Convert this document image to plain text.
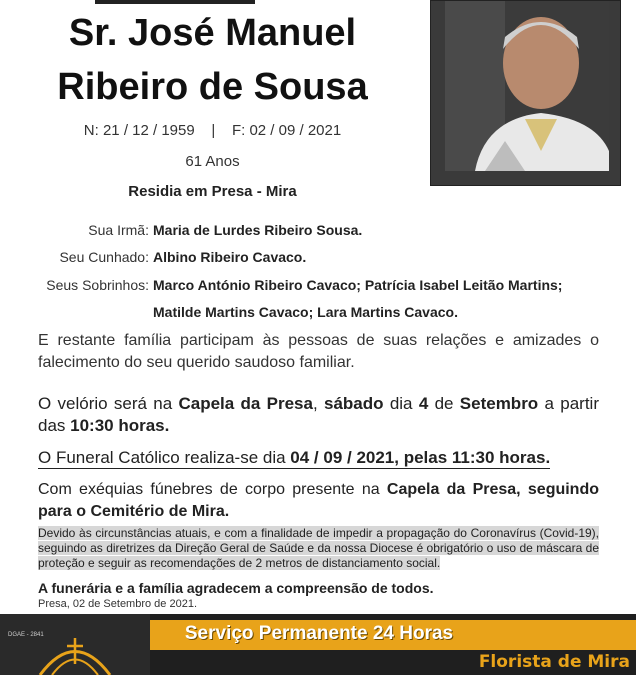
Sr. José Manuel
Ribeiro de Sousa
N: 21 / 12 / 1959    |    F: 02 / 09 / 2021
61 Anos
Residia em Presa - Mira
Sua Irmã: Maria de Lurdes Ribeiro Sousa.
Seu Cunhado: Albino Ribeiro Cavaco.
Seus Sobrinhos: Marco António Ribeiro Cavaco; Patrícia Isabel Leitão Martins;
Matilde Martins Cavaco; Lara Martins Cavaco.
E restante família participam às pessoas de suas relações e amizades o falecimento do seu querido saudoso familiar.
O velório será na Capela da Presa, sábado dia 4 de Setembro a partir das 10:30 horas.
O Funeral Católico realiza-se dia 04 / 09 / 2021, pelas 11:30 horas.
Com exéquias fúnebres de corpo presente na Capela da Presa, seguindo para o Cemitério de Mira.
Devido às circunstâncias atuais, e com a finalidade de impedir a propagação do Coronavírus (Covid-19), seguindo as diretrizes da Direção Geral de Saúde e da nossa Diocese é obrigatório o uso de máscara de proteção e seguir as recomendações de 2 metros de distanciamento social.
A funerária e a família agradecem a compreensão de todos.
Presa, 02 de Setembro de 2021.
DGAE - 2841	Serviço Permanente 24 Horas
Florista de Mira
